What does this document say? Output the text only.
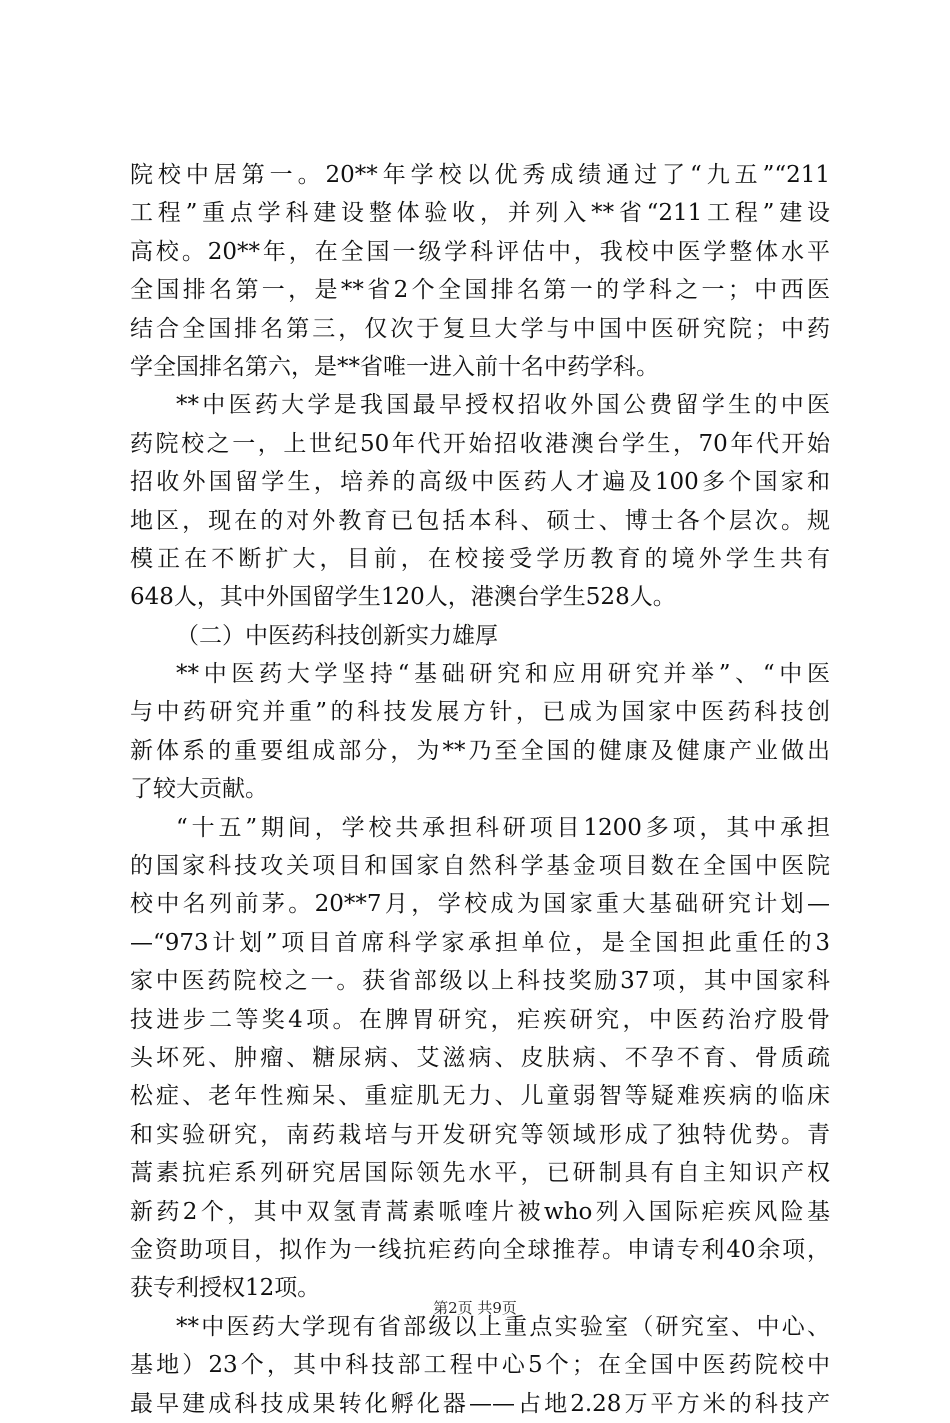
院校中居第一。20**年学校以优秀成绩通过了“九五”“211
工程”重点学科建设整体验收，并列入**省“211工程”建设
高校。20**年，在全国一级学科评估中，我校中医学整体水平
全国排名第一，是**省2个全国排名第一的学科之一；中西医
结合全国排名第三，仅次于复旦大学与中国中医研究院；中药
学全国排名第六，是**省唯一进入前十名中药学科。
**中医药大学是我国最早授权招收外国公费留学生的中医
药院校之一，上世纪50年代开始招收港澳台学生，70年代开始
招收外国留学生，培养的高级中医药人才遍及100多个国家和
地区，现在的对外教育已包括本科、硕士、博士各个层次。规
模正在不断扩大，目前，在校接受学历教育的境外学生共有
648人，其中外国留学生120人，港澳台学生528人。
（二）中医药科技创新实力雄厚
**中医药大学坚持“基础研究和应用研究并举”、“中医
与中药研究并重”的科技发展方针，已成为国家中医药科技创
新体系的重要组成部分，为**乃至全国的健康及健康产业做出
了较大贡献。
“十五”期间，学校共承担科研项目1200多项，其中承担
的国家科技攻关项目和国家自然科学基金项目数在全国中医院
校中名列前茅。20**7月，学校成为国家重大基础研究计划—
—“973计划”项目首席科学家承担单位，是全国担此重任的3
家中医药院校之一。获省部级以上科技奖励37项，其中国家科
技进步二等奖4项。在脾胃研究，疟疾研究，中医药治疗股骨
头坏死、肿瘤、糖尿病、艾滋病、皮肤病、不孕不育、骨质疏
松症、老年性痴呆、重症肌无力、儿童弱智等疑难疾病的临床
和实验研究，南药栽培与开发研究等领域形成了独特优势。青
蒿素抗疟系列研究居国际领先水平，已研制具有自主知识产权
新药2个，其中双氢青蒿素哌喹片被who列入国际疟疾风险基
金资助项目，拟作为一线抗疟药向全球推荐。申请专利40余项，
获专利授权12项。
**中医药大学现有省部级以上重点实验室（研究室、中心、
基地）23个，其中科技部工程中心5个；在全国中医药院校中
最早建成科技成果转化孵化器——占地2.28万平方米的科技产
第2页 共9页
